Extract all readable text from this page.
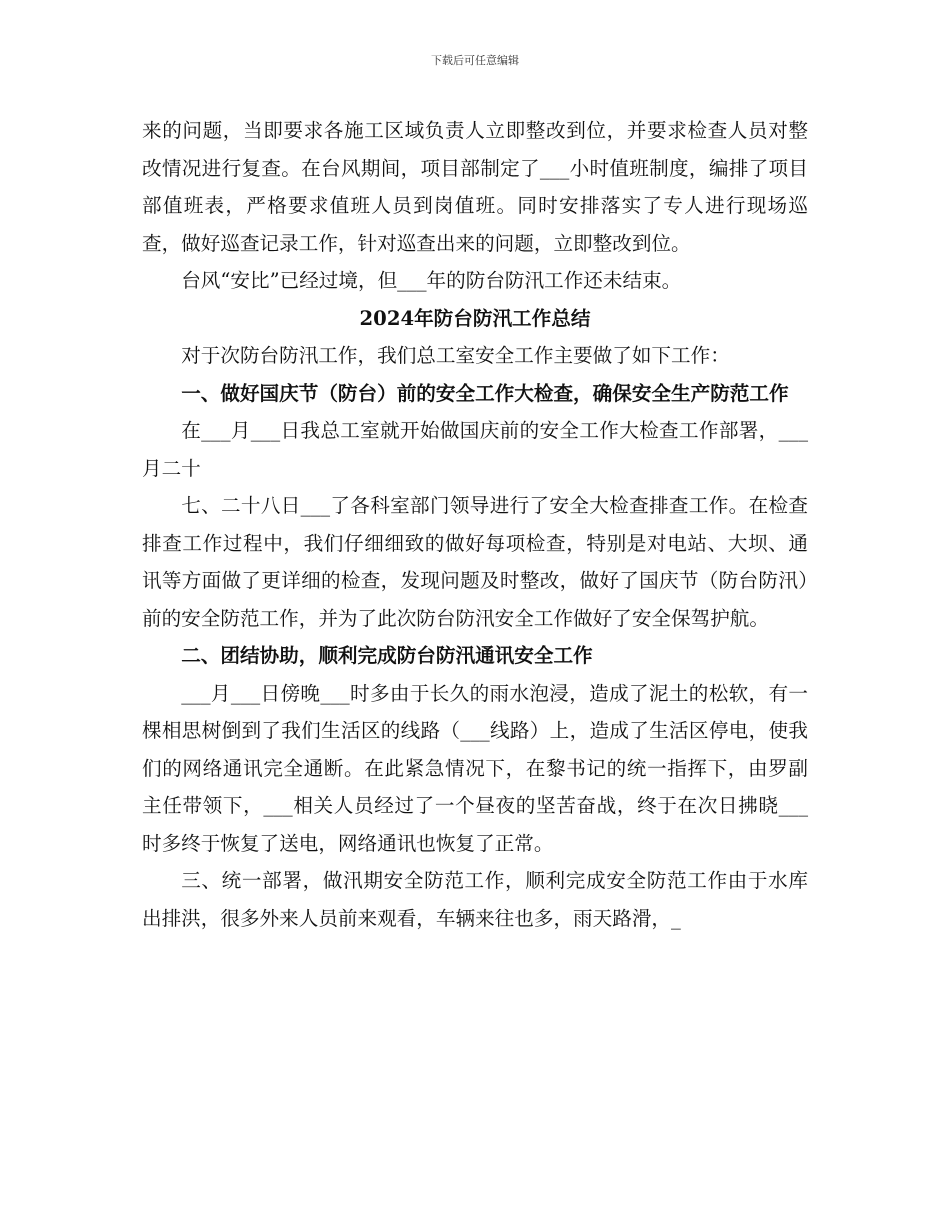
下载后可任意编辑

来的问题，当即要求各施工区域负责人立即整改到位，并要求检查人员对整改情况进行复查。在台风期间，项目部制定了___小时值班制度，编排了项目部值班表，严格要求值班人员到岗值班。同时安排落实了专人进行现场巡查，做好巡查记录工作，针对巡查出来的问题，立即整改到位。

台风“安比”已经过境，但___年的防台防汛工作还未结束。

2024年防台防汛工作总结

对于次防台防汛工作，我们总工室安全工作主要做了如下工作：

一、做好国庆节（防台）前的安全工作大检查，确保安全生产防范工作

在___月___日我总工室就开始做国庆前的安全工作大检查工作部署，___月二十

七、二十八日___了各科室部门领导进行了安全大检查排查工作。在检查排查工作过程中，我们仔细细致的做好每项检查，特别是对电站、大坝、通讯等方面做了更详细的检查，发现问题及时整改，做好了国庆节（防台防汛）前的安全防范工作，并为了此次防台防汛安全工作做好了安全保驾护航。

二、团结协助，顺利完成防台防汛通讯安全工作

___月___日傍晚___时多由于长久的雨水泡浸，造成了泥土的松软，有一棵相思树倒到了我们生活区的线路（___线路）上，造成了生活区停电，使我们的网络通讯完全通断。在此紧急情况下，在黎书记的统一指挥下，由罗副主任带领下，___相关人员经过了一个昼夜的坚苦奋战，终于在次日拂晓___时多终于恢复了送电，网络通讯也恢复了正常。

三、统一部署，做汛期安全防范工作，顺利完成安全防范工作由于水库出排洪，很多外来人员前来观看，车辆来往也多，雨天路滑，_
